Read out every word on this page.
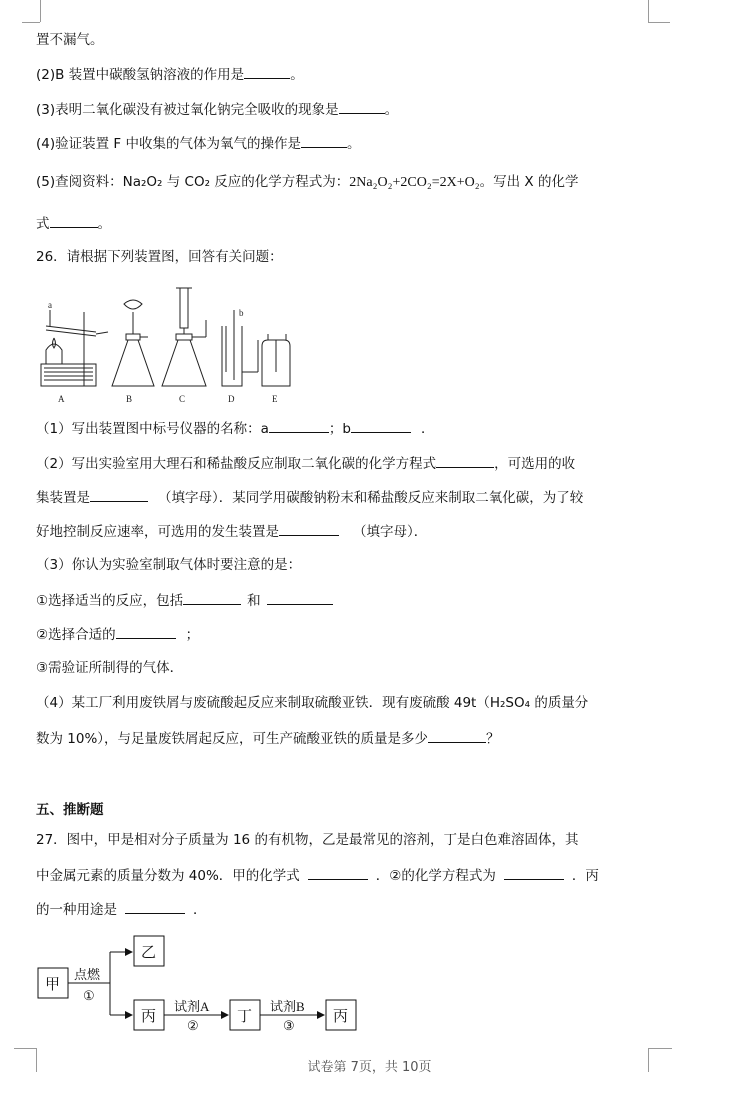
置不漏气。
(2)B 装置中碳酸氢钠溶液的作用是	。
(3)表明二氧化碳没有被过氧化钠完全吸收的现象是	。
(4)验证装置 F 中收集的气体为氧气的操作是	。
(5)查阅资料：Na₂O₂ 与 CO₂ 反应的化学方程式为：2Na₂O₂+2CO₂=2X+O₂。写出 X 的化学
式	。
26．请根据下列装置图，回答有关问题：
a
b
A	B	C	D	E
（1）写出装置图中标号仪器的名称：a	；b	．
（2）写出实验室用大理石和稀盐酸反应制取二氧化碳的化学方程式	，可选用的收
集装置是	（填字母）．某同学用碳酸钠粉末和稀盐酸反应来制取二氧化碳，为了较
好地控制反应速率，可选用的发生装置是	（填字母）．
（3）你认为实验室制取气体时要注意的是：
①选择适当的反应，包括	和
②选择合适的	；
③需验证所制得的气体．
（4）某工厂利用废铁屑与废硫酸起反应来制取硫酸亚铁．现有废硫酸 49t（H₂SO₄ 的质量分
数为 10%），与足量废铁屑起反应，可生产硫酸亚铁的质量是多少	？
五、推断题
27．图中，甲是相对分子质量为 16 的有机物，乙是最常见的溶剂，丁是白色难溶固体，其
中金属元素的质量分数为 40%．甲的化学式	．②的化学方程式为	．丙
的一种用途是	．
甲
乙
丙	丁	丙
点燃
①
试剂A
②
试剂B
③
试卷第 7页，共 10页
